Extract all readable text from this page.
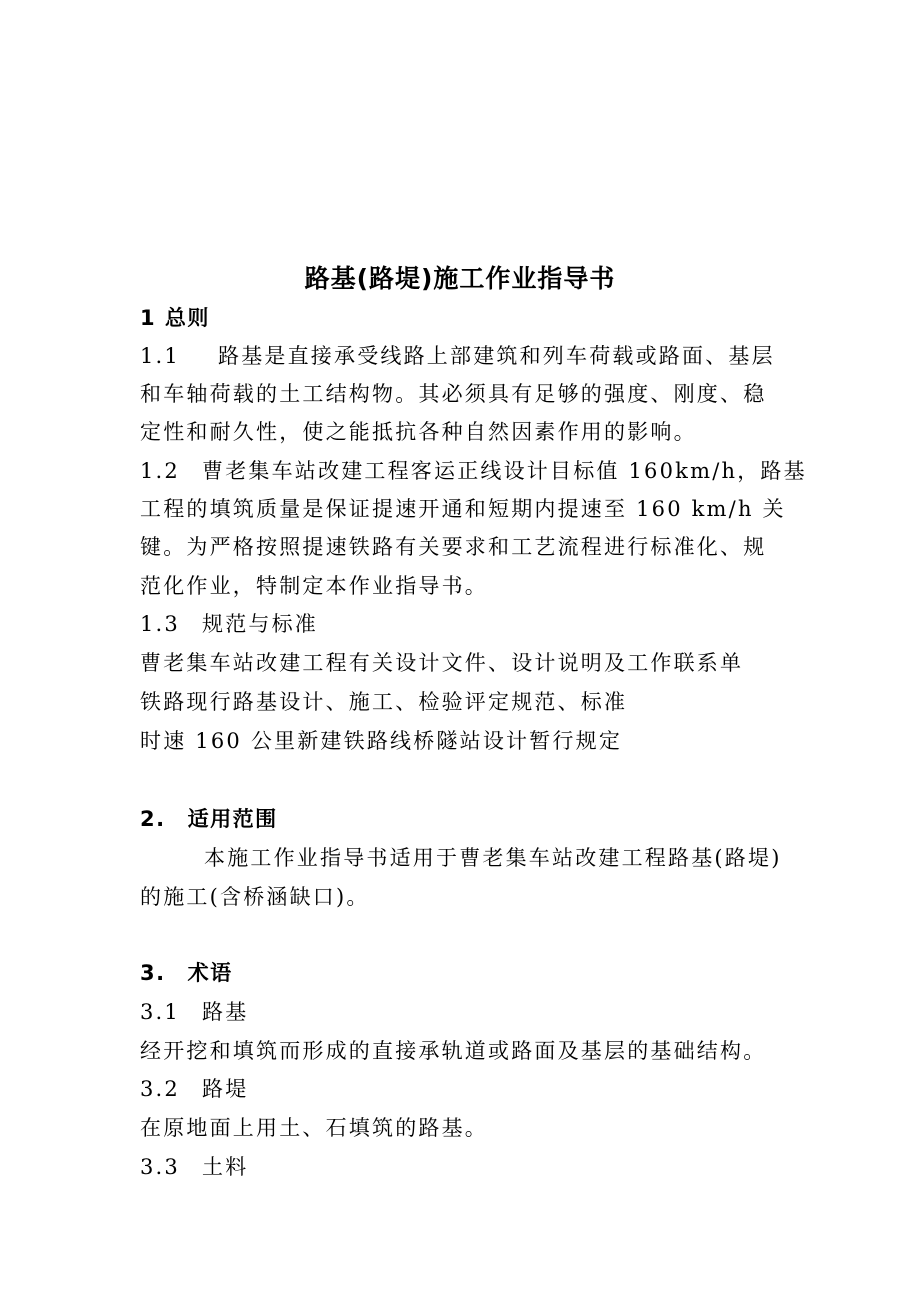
路基(路堤)施工作业指导书
1 总则
1.1 路基是直接承受线路上部建筑和列车荷载或路面、基层
和车轴荷载的土工结构物。其必须具有足够的强度、刚度、稳
定性和耐久性，使之能抵抗各种自然因素作用的影响。
1.2 曹老集车站改建工程客运正线设计目标值 160km/h，路基
工程的填筑质量是保证提速开通和短期内提速至 160 km/h 关
键。为严格按照提速铁路有关要求和工艺流程进行标准化、规
范化作业，特制定本作业指导书。
1.3 规范与标准
曹老集车站改建工程有关设计文件、设计说明及工作联系单
铁路现行路基设计、施工、检验评定规范、标准
时速 160 公里新建铁路线桥隧站设计暂行规定
2. 适用范围
本施工作业指导书适用于曹老集车站改建工程路基(路堤)
的施工(含桥涵缺口)。
3. 术语
3.1 路基
经开挖和填筑而形成的直接承轨道或路面及基层的基础结构。
3.2 路堤
在原地面上用土、石填筑的路基。
3.3 土料
